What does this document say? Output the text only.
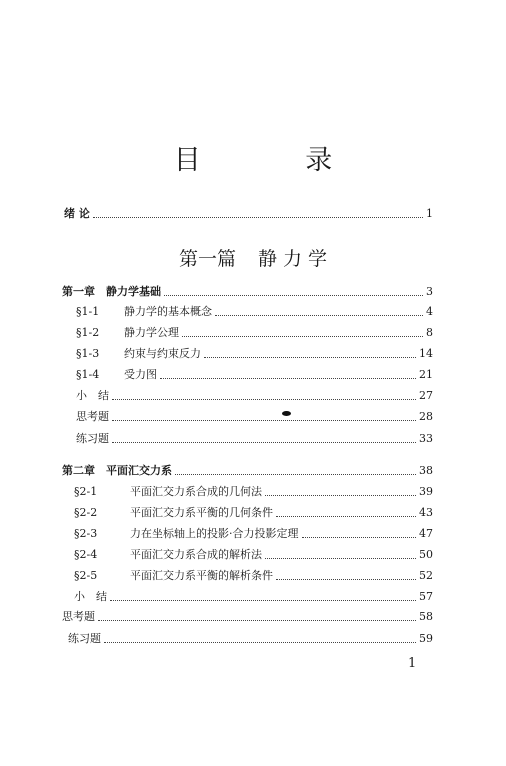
目 录
绪 论	1
第一篇 静 力 学
第一章　静力学基础	3
§1-1 静力学的基本概念	4
§1-2 静力学公理	8
§1-3 约束与约束反力	14
§1-4 受力图	21
小　结	27
思考题	28
练习题	33
第二章　平面汇交力系	38
§2-1	平面汇交力系合成的几何法	39
§2-2	平面汇交力系平衡的几何条件	43
§2-3	力在坐标轴上的投影·合力投影定理	47
§2-4	平面汇交力系合成的解析法	50
§2-5	平面汇交力系平衡的解析条件	52
小　结	57
思考题	58
练习题	59
1
